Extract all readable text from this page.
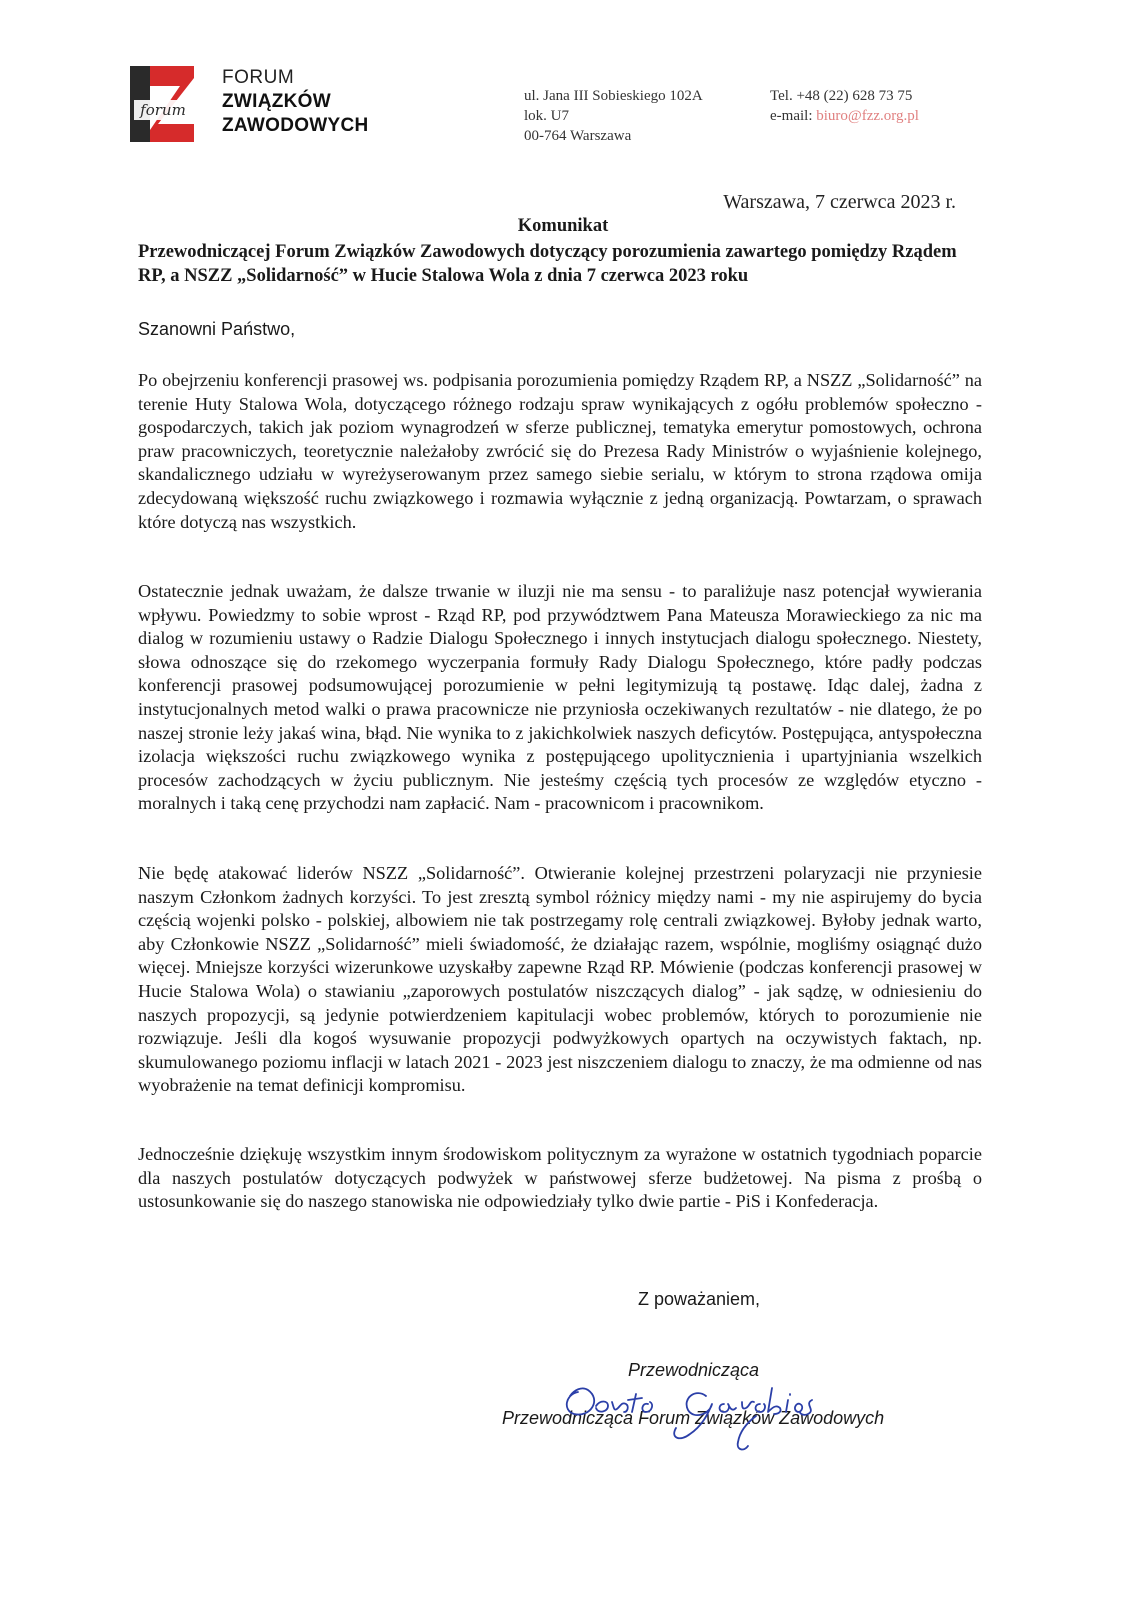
forum
FORUM
ZWIĄZKÓW
ZAWODOWYCH
ul. Jana III Sobieskiego 102A
lok. U7
00-764 Warszawa
Tel. +48 (22) 628 73 75
e-mail: biuro@fzz.org.pl
Warszawa, 7 czerwca 2023 r.
Komunikat
Przewodniczącej Forum Związków Zawodowych dotyczący porozumienia zawartego pomiędzy Rządem RP, a NSZZ „Solidarność” w Hucie Stalowa Wola z dnia 7 czerwca 2023 roku
Szanowni Państwo,
Po obejrzeniu konferencji prasowej ws. podpisania porozumienia pomiędzy Rządem RP, a NSZZ „Solidarność” na terenie Huty Stalowa Wola, dotyczącego różnego rodzaju spraw wynikających z ogółu problemów społeczno - gospodarczych, takich jak poziom wynagrodzeń w sferze publicznej, tematyka emerytur pomostowych, ochrona praw pracowniczych, teoretycznie należałoby zwrócić się do Prezesa Rady Ministrów o wyjaśnienie kolejnego, skandalicznego udziału w wyreżyserowanym przez samego siebie serialu, w którym to strona rządowa omija zdecydowaną większość ruchu związkowego i rozmawia wyłącznie z jedną organizacją. Powtarzam, o sprawach które dotyczą nas wszystkich.
Ostatecznie jednak uważam, że dalsze trwanie w iluzji nie ma sensu - to paraliżuje nasz potencjał wywierania wpływu. Powiedzmy to sobie wprost - Rząd RP, pod przywództwem Pana Mateusza Morawieckiego za nic ma dialog w rozumieniu ustawy o Radzie Dialogu Społecznego i innych instytucjach dialogu społecznego. Niestety, słowa odnoszące się do rzekomego wyczerpania formuły Rady Dialogu Społecznego, które padły podczas konferencji prasowej podsumowującej porozumienie w pełni legitymizują tą postawę. Idąc dalej, żadna z instytucjonalnych metod walki o prawa pracownicze nie przyniosła oczekiwanych rezultatów - nie dlatego, że po naszej stronie leży jakaś wina, błąd. Nie wynika to z jakichkolwiek naszych deficytów. Postępująca, antyspołeczna izolacja większości ruchu związkowego wynika z postępującego upolitycznienia i upartyjniania wszelkich procesów zachodzących w życiu publicznym. Nie jesteśmy częścią tych procesów ze względów etyczno - moralnych i taką cenę przychodzi nam zapłacić. Nam - pracownicom i pracownikom.
Nie będę atakować liderów NSZZ „Solidarność”. Otwieranie kolejnej przestrzeni polaryzacji nie przyniesie naszym Członkom żadnych korzyści. To jest zresztą symbol różnicy między nami - my nie aspirujemy do bycia częścią wojenki polsko - polskiej, albowiem nie tak postrzegamy rolę centrali związkowej. Byłoby jednak warto, aby Członkowie NSZZ „Solidarność” mieli świadomość, że działając razem, wspólnie, mogliśmy osiągnąć dużo więcej. Mniejsze korzyści wizerunkowe uzyskałby zapewne Rząd RP. Mówienie (podczas konferencji prasowej w Hucie Stalowa Wola) o stawianiu „zaporowych postulatów niszczących dialog” - jak sądzę, w odniesieniu do naszych propozycji, są jedynie potwierdzeniem kapitulacji wobec problemów, których to porozumienie nie rozwiązuje. Jeśli dla kogoś wysuwanie propozycji podwyżkowych opartych na oczywistych faktach, np. skumulowanego poziomu inflacji w latach 2021 - 2023 jest niszczeniem dialogu to znaczy, że ma odmienne od nas wyobrażenie na temat definicji kompromisu.
Jednocześnie dziękuję wszystkim innym środowiskom politycznym za wyrażone w ostatnich tygodniach poparcie dla naszych postulatów dotyczących podwyżek w państwowej sferze budżetowej. Na pisma z prośbą o ustosunkowanie się do naszego stanowiska nie odpowiedziały tylko dwie partie - PiS i Konfederacja.
Z poważaniem,
Przewodnicząca
Przewodnicząca Forum Związków Zawodowych
